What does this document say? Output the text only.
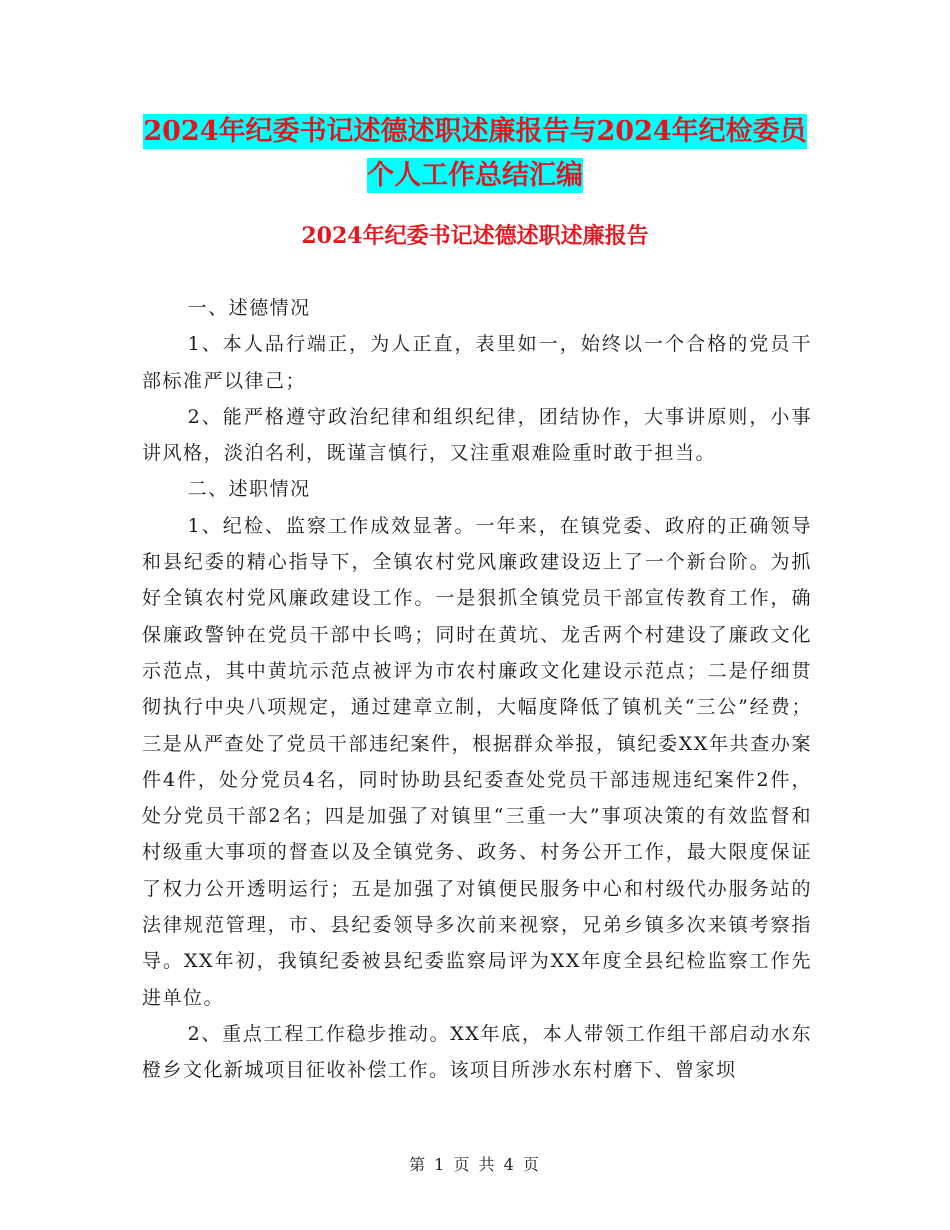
2024年纪委书记述德述职述廉报告与2024年纪检委员
个人工作总结汇编
2024年纪委书记述德述职述廉报告

一、述德情况

1、本人品行端正，为人正直，表里如一，始终以一个合格的党员干部标准严以律己；

2、能严格遵守政治纪律和组织纪律，团结协作，大事讲原则，小事讲风格，淡泊名利，既谨言慎行，又注重艰难险重时敢于担当。

二、述职情况

1、纪检、监察工作成效显著。一年来，在镇党委、政府的正确领导和县纪委的精心指导下，全镇农村党风廉政建设迈上了一个新台阶。为抓好全镇农村党风廉政建设工作。一是狠抓全镇党员干部宣传教育工作，确保廉政警钟在党员干部中长鸣；同时在黄坑、龙舌两个村建设了廉政文化示范点，其中黄坑示范点被评为市农村廉政文化建设示范点；二是仔细贯彻执行中央八项规定，通过建章立制，大幅度降低了镇机关“三公”经费；三是从严查处了党员干部违纪案件，根据群众举报，镇纪委XX年共查办案件4件，处分党员4名，同时协助县纪委查处党员干部违规违纪案件2件，处分党员干部2名；四是加强了对镇里“三重一大”事项决策的有效监督和村级重大事项的督查以及全镇党务、政务、村务公开工作，最大限度保证了权力公开透明运行；五是加强了对镇便民服务中心和村级代办服务站的法律规范管理，市、县纪委领导多次前来视察，兄弟乡镇多次来镇考察指导。XX年初，我镇纪委被县纪委监察局评为XX年度全县纪检监察工作先进单位。

2、重点工程工作稳步推动。XX年底，本人带领工作组干部启动水东橙乡文化新城项目征收补偿工作。该项目所涉水东村磨下、曾家坝

第 1 页 共 4 页
